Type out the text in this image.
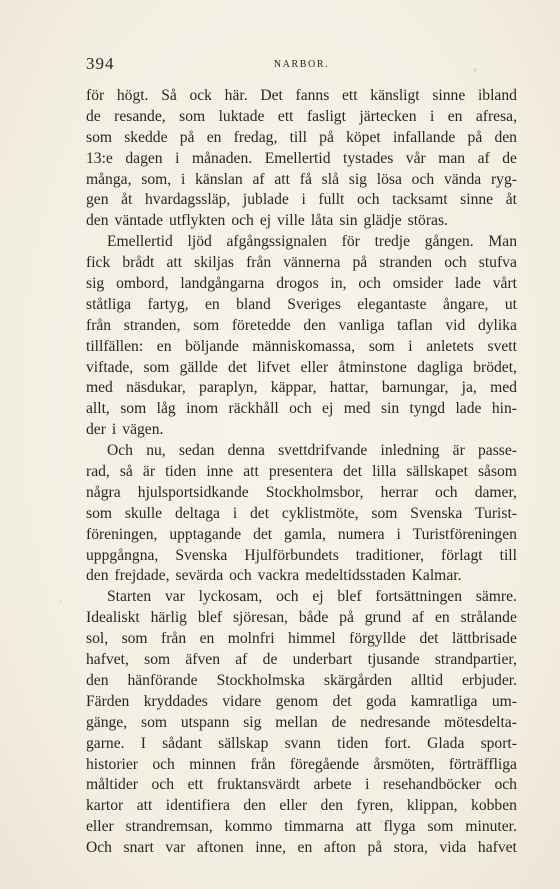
394	NARBOR.
för högt. Så ock här. Det fanns ett känsligt sinne ibland
de resande, som luktade ett fasligt järtecken i en afresa,
som skedde på en fredag, till på köpet infallande på den
13:e dagen i månaden. Emellertid tystades vår man af de
många, som, i känslan af att få slå sig lösa och vända ryg-
gen åt hvardagssläp, jublade i fullt och tacksamt sinne åt
den väntade utflykten och ej ville låta sin glädje störas.
Emellertid ljöd afgångssignalen för tredje gången. Man
fick brådt att skiljas från vännerna på stranden och stufva
sig ombord, landgångarna drogos in, och omsider lade vårt
ståtliga fartyg, en bland Sveriges elegantaste ångare, ut
från stranden, som företedde den vanliga taflan vid dylika
tillfällen: en böljande människomassa, som i anletets svett
viftade, som gällde det lifvet eller åtminstone dagliga brödet,
med näsdukar, paraplyn, käppar, hattar, barnungar, ja, med
allt, som låg inom räckhåll och ej med sin tyngd lade hin-
der i vägen.
Och nu, sedan denna svettdrifvande inledning är passe-
rad, så är tiden inne att presentera det lilla sällskapet såsom
några hjulsportsidkande Stockholmsbor, herrar och damer,
som skulle deltaga i det cyklistmöte, som Svenska Turist-
föreningen, upptagande det gamla, numera i Turistföreningen
uppgångna, Svenska Hjulförbundets traditioner, förlagt till
den frejdade, sevärda och vackra medeltidsstaden Kalmar.
Starten var lyckosam, och ej blef fortsättningen sämre.
Idealiskt härlig blef sjöresan, både på grund af en strålande
sol, som från en molnfri himmel förgyllde det lättbrisade
hafvet, som äfven af de underbart tjusande strandpartier,
den hänförande Stockholmska skärgården alltid erbjuder.
Färden kryddades vidare genom det goda kamratliga um-
gänge, som utspann sig mellan de nedresande mötesdelta-
garne. I sådant sällskap svann tiden fort. Glada sport-
historier och minnen från föregående årsmöten, förträffliga
måltider och ett fruktansvärdt arbete i resehandböcker och
kartor att identifiera den eller den fyren, klippan, kobben
eller strandremsan, kommo timmarna att flyga som minuter.
Och snart var aftonen inne, en afton på stora, vida hafvet
